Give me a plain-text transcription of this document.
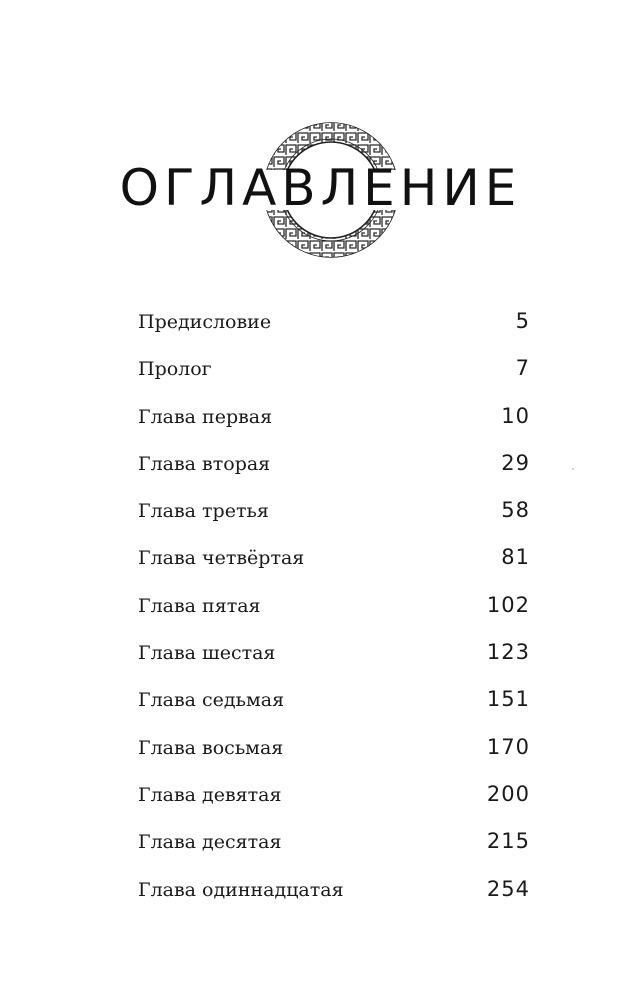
ОГЛАВЛЕНИЕ
Предисловие	5
Пролог	7
Глава первая	10
Глава вторая	29
Глава третья	58
Глава четвёртая	81
Глава пятая	102
Глава шестая	123
Глава седьмая	151
Глава восьмая	170
Глава девятая	200
Глава десятая	215
Глава одиннадцатая	254
